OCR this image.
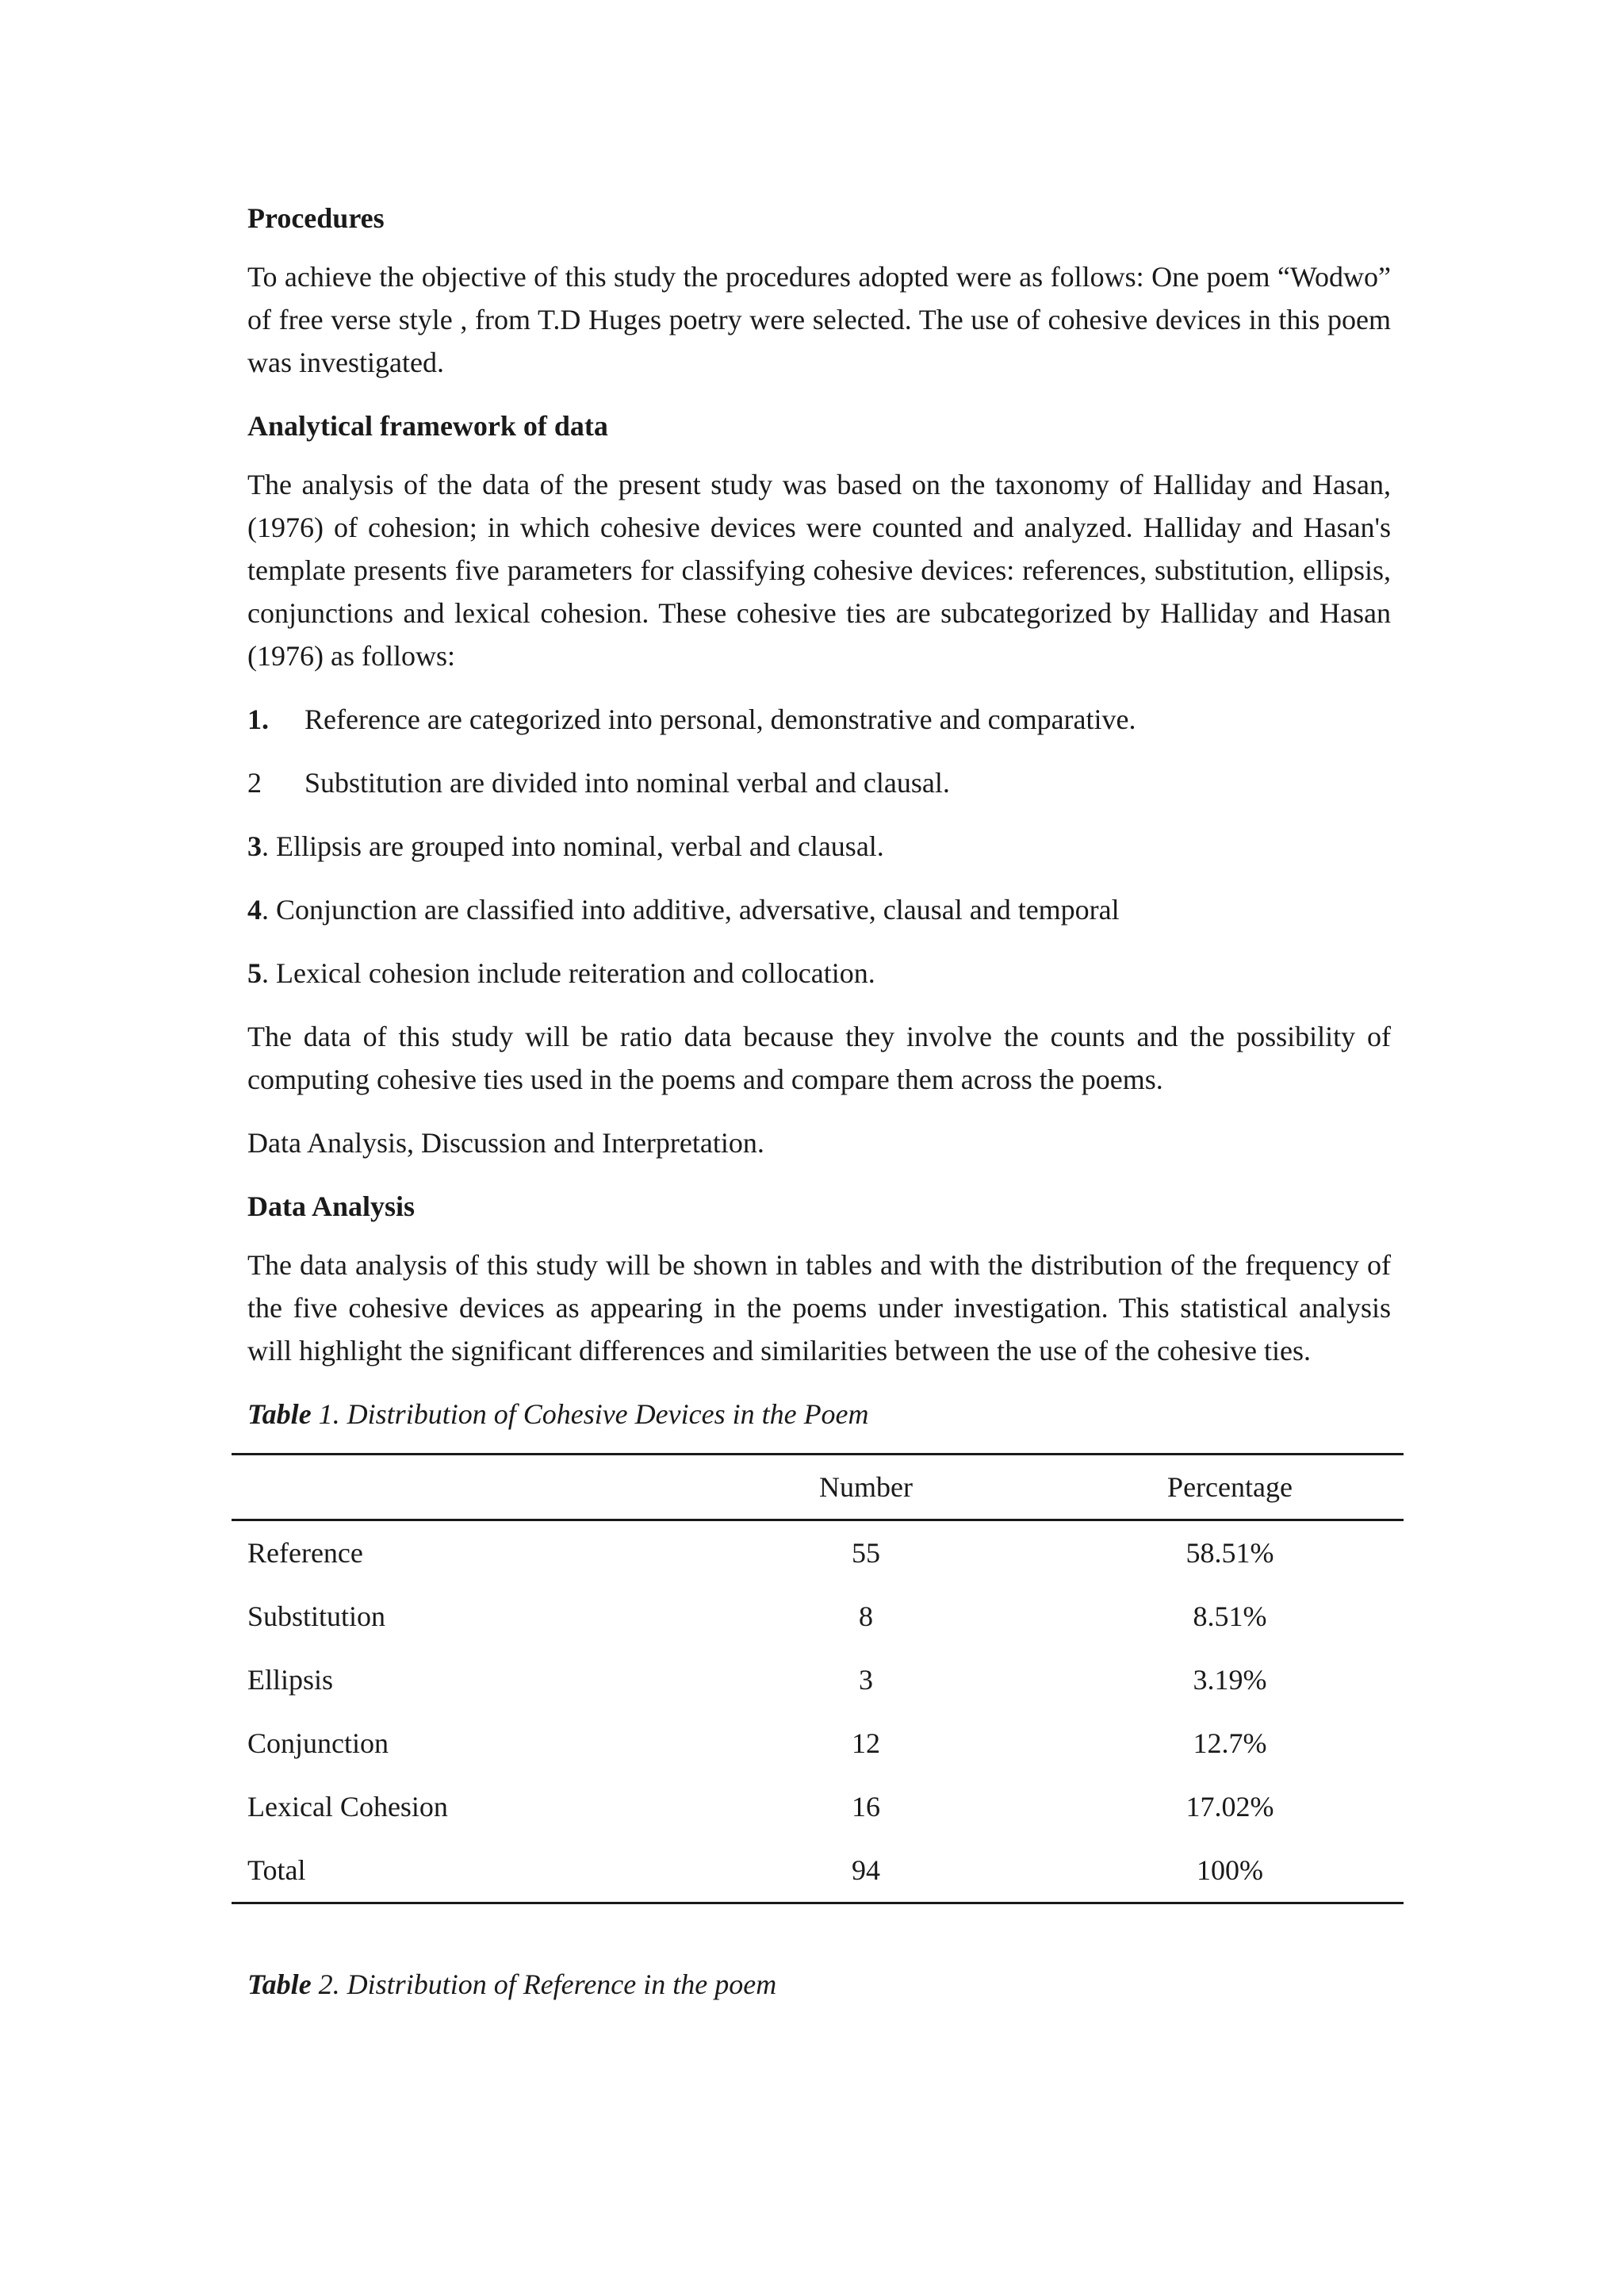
Procedures

To achieve the objective of this study the procedures adopted were as follows: One poem “Wodwo” of free verse style , from T.D Huges poetry were selected. The use of cohesive devices in this poem was investigated.

Analytical framework of data

The analysis of the data of the present study was based on the taxonomy of Halliday and Hasan, (1976) of cohesion; in which cohesive devices were counted and analyzed. Halliday and Hasan's template presents five parameters for classifying cohesive devices: references, substitution, ellipsis, conjunctions and lexical cohesion. These cohesive ties are subcategorized by Halliday and Hasan (1976) as follows:

1. Reference are categorized into personal, demonstrative and comparative.
2 Substitution are divided into nominal verbal and clausal.
3. Ellipsis are grouped into nominal, verbal and clausal.
4. Conjunction are classified into additive, adversative, clausal and temporal
5. Lexical cohesion include reiteration and collocation.

The data of this study will be ratio data because they involve the counts and the possibility of computing cohesive ties used in the poems and compare them across the poems.

Data Analysis, Discussion and Interpretation.

Data Analysis

The data analysis of this study will be shown in tables and with the distribution of the frequency of the five cohesive devices as appearing in the poems under investigation. This statistical analysis will highlight the significant differences and similarities between the use of the cohesive ties.

Table 1. Distribution of Cohesive Devices in the Poem
	Number	Percentage
Reference	55	58.51%
Substitution	8	8.51%
Ellipsis	3	3.19%
Conjunction	12	12.7%
Lexical Cohesion	16	17.02%
Total	94	100%
Table 2. Distribution of Reference in the poem
